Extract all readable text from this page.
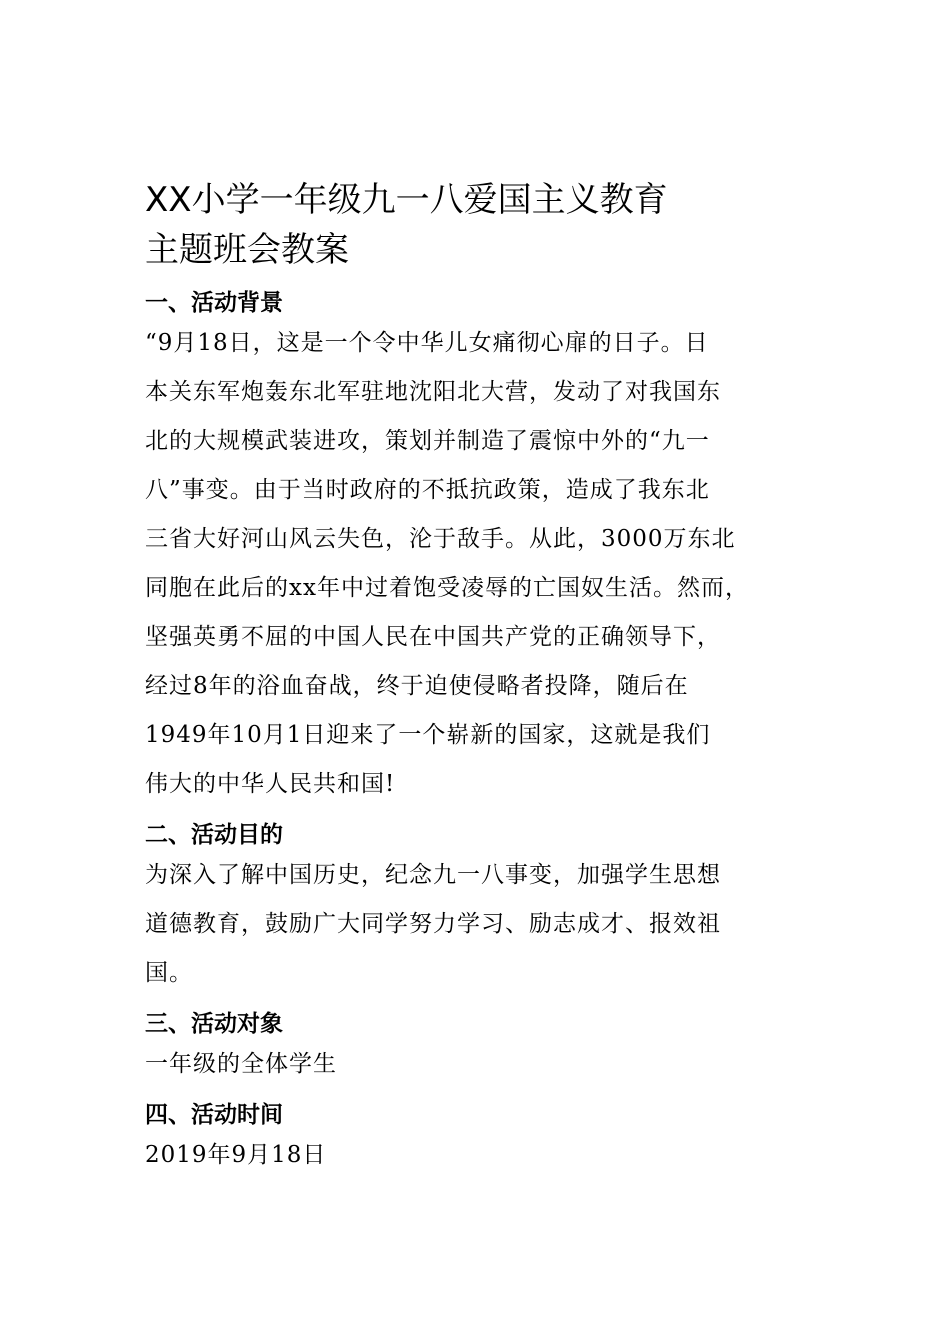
XX小学一年级九一八爱国主义教育
主题班会教案
一、活动背景

“9月18日，这是一个令中华儿女痛彻心扉的日子。日
本关东军炮轰东北军驻地沈阳北大营，发动了对我国东
北的大规模武装进攻，策划并制造了震惊中外的“九一
八”事变。由于当时政府的不抵抗政策，造成了我东北
三省大好河山风云失色，沦于敌手。从此，3000万东北
同胞在此后的xx年中过着饱受凌辱的亡国奴生活。然而，
坚强英勇不屈的中国人民在中国共产党的正确领导下，
经过8年的浴血奋战，终于迫使侵略者投降，随后在
1949年10月1日迎来了一个崭新的国家，这就是我们
伟大的中华人民共和国!

二、活动目的

为深入了解中国历史，纪念九一八事变，加强学生思想
道德教育，鼓励广大同学努力学习、励志成才、报效祖
国。

三、活动对象

一年级的全体学生

四、活动时间

2019年9月18日
